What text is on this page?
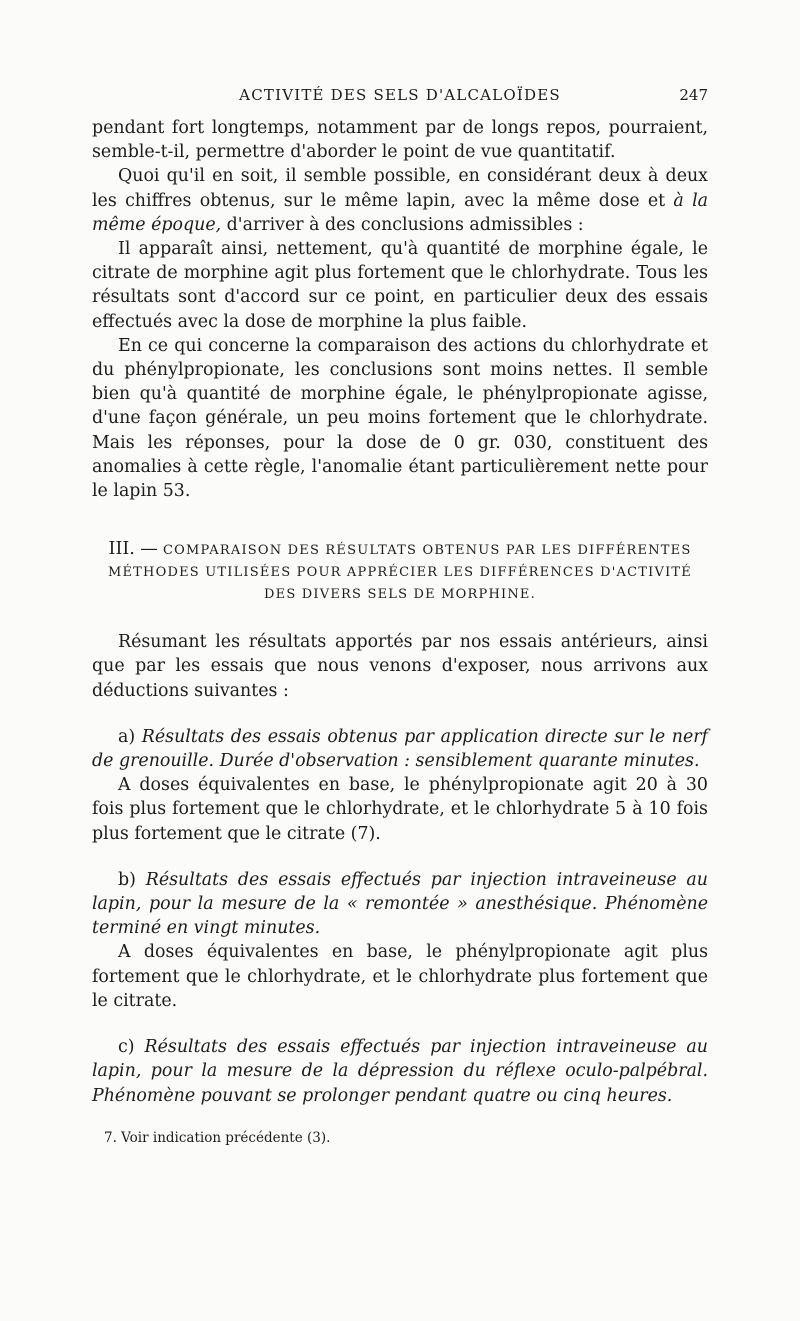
ACTIVITÉ DES SELS D'ALCALOÏDES	247

pendant fort longtemps, notamment par de longs repos, pourraient, semble-t-il, permettre d'aborder le point de vue quantitatif.

Quoi qu'il en soit, il semble possible, en considérant deux à deux les chiffres obtenus, sur le même lapin, avec la même dose et à la même époque, d'arriver à des conclusions admissibles :

Il apparaît ainsi, nettement, qu'à quantité de morphine égale, le citrate de morphine agit plus fortement que le chlorhydrate. Tous les résultats sont d'accord sur ce point, en particulier deux des essais effectués avec la dose de morphine la plus faible.

En ce qui concerne la comparaison des actions du chlorhydrate et du phénylpropionate, les conclusions sont moins nettes. Il semble bien qu'à quantité de morphine égale, le phénylpropionate agisse, d'une façon générale, un peu moins fortement que le chlorhydrate. Mais les réponses, pour la dose de 0 gr. 030, constituent des anomalies à cette règle, l'anomalie étant particulièrement nette pour le lapin 53.

III. — COMPARAISON DES RÉSULTATS OBTENUS PAR LES DIFFÉRENTES
MÉTHODES UTILISÉES POUR APPRÉCIER LES DIFFÉRENCES D'ACTIVITÉ
DES DIVERS SELS DE MORPHINE.

Résumant les résultats apportés par nos essais antérieurs, ainsi que par les essais que nous venons d'exposer, nous arrivons aux déductions suivantes :

a) Résultats des essais obtenus par application directe sur le nerf de grenouille. Durée d'observation : sensiblement quarante minutes.

A doses équivalentes en base, le phénylpropionate agit 20 à 30 fois plus fortement que le chlorhydrate, et le chlorhydrate 5 à 10 fois plus fortement que le citrate (7).

b) Résultats des essais effectués par injection intraveineuse au lapin, pour la mesure de la « remontée » anesthésique. Phénomène terminé en vingt minutes.

A doses équivalentes en base, le phénylpropionate agit plus fortement que le chlorhydrate, et le chlorhydrate plus fortement que le citrate.

c) Résultats des essais effectués par injection intraveineuse au lapin, pour la mesure de la dépression du réflexe oculo-palpébral. Phénomène pouvant se prolonger pendant quatre ou cinq heures.

7. Voir indication précédente (3).
